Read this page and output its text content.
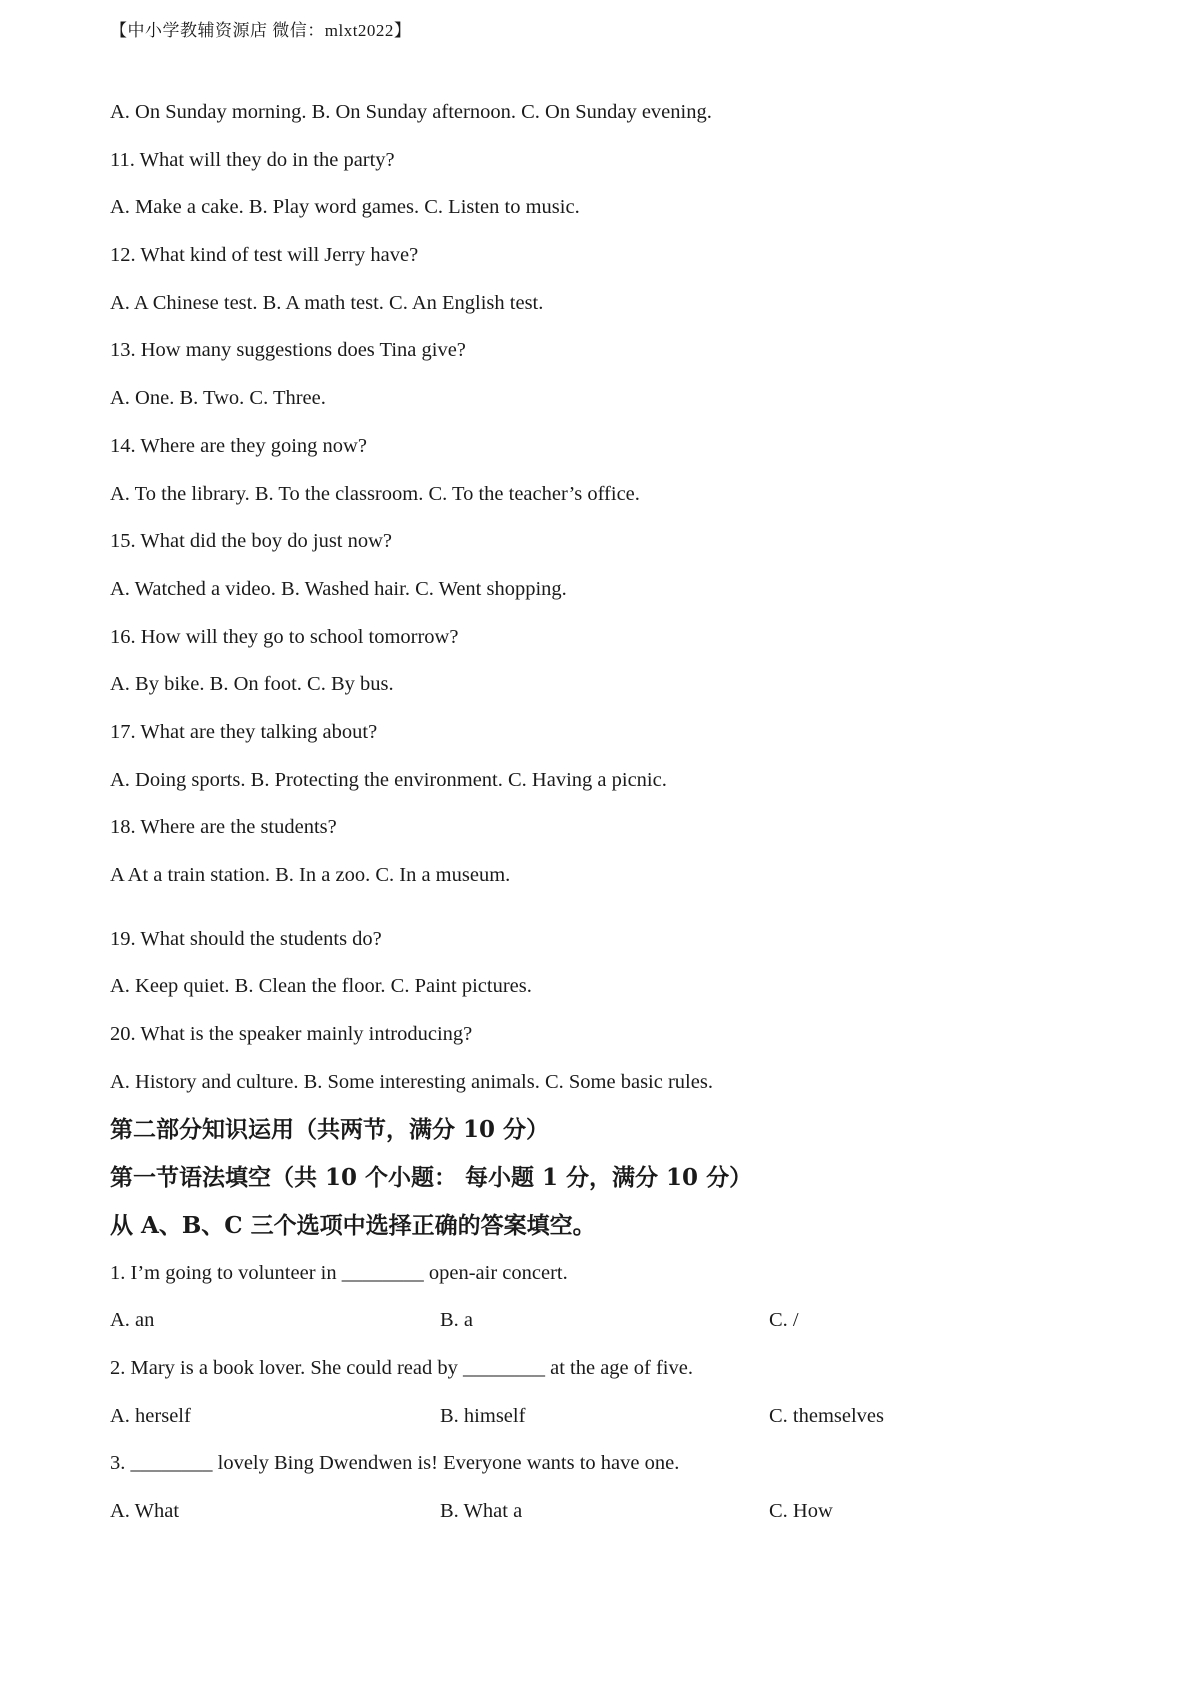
【中小学教辅资源店 微信：mlxt2022】
A. On Sunday morning. B. On Sunday afternoon. C. On Sunday evening.
11. What will they do in the party?
A. Make a cake. B. Play word games. C. Listen to music.
12. What kind of test will Jerry have?
A. A Chinese test. B. A math test. C. An English test.
13. How many suggestions does Tina give?
A. One. B. Two. C. Three.
14. Where are they going now?
A. To the library. B. To the classroom. C. To the teacher’s office.
15. What did the boy do just now?
A. Watched a video. B. Washed hair. C. Went shopping.
16. How will they go to school tomorrow?
A. By bike. B. On foot. C. By bus.
17. What are they talking about?
A. Doing sports. B. Protecting the environment. C. Having a picnic.
18. Where are the students?
A At a train station. B. In a zoo. C. In a museum.
19. What should the students do?
A. Keep quiet. B. Clean the floor. C. Paint pictures.
20. What is the speaker mainly introducing?
A. History and culture. B. Some interesting animals. C. Some basic rules.
第二部分知识运用（共两节，满分 10 分）
第一节语法填空（共 10 个小题： 每小题 1 分，满分 10 分）
从 A、B、C 三个选项中选择正确的答案填空。
1. I’m going to volunteer in ________ open-air concert.
A. an	B. a	C. /
2. Mary is a book lover. She could read by ________ at the age of five.
A. herself	B. himself	C. themselves
3. ________ lovely Bing Dwendwen is! Everyone wants to have one.
A. What	B. What a	C. How
